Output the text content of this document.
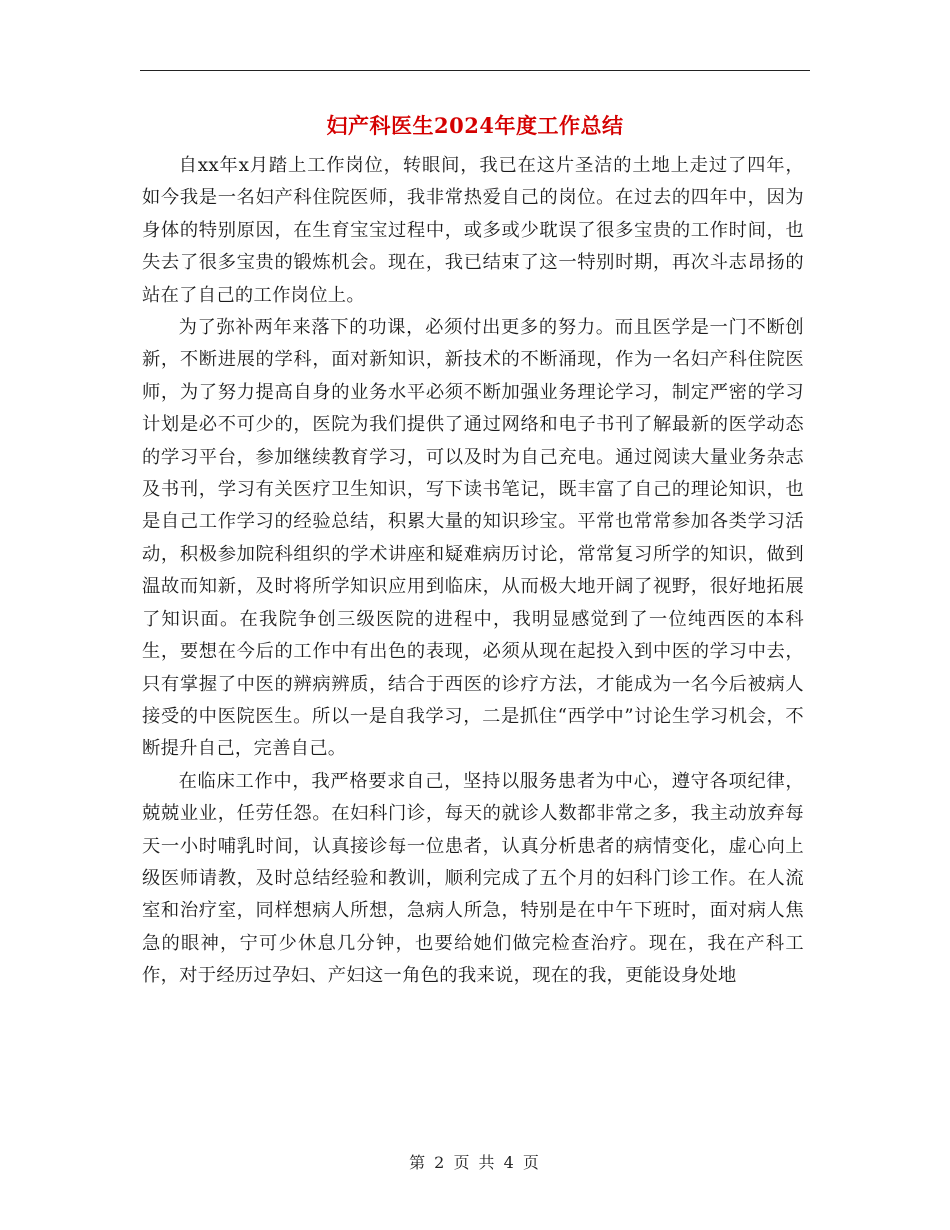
妇产科医生2024年度工作总结

自xx年x月踏上工作岗位，转眼间，我已在这片圣洁的土地上走过了四年，如今我是一名妇产科住院医师，我非常热爱自己的岗位。在过去的四年中，因为身体的特别原因，在生育宝宝过程中，或多或少耽误了很多宝贵的工作时间，也失去了很多宝贵的锻炼机会。现在，我已结束了这一特别时期，再次斗志昂扬的站在了自己的工作岗位上。

为了弥补两年来落下的功课，必须付出更多的努力。而且医学是一门不断创新，不断进展的学科，面对新知识，新技术的不断涌现，作为一名妇产科住院医师，为了努力提高自身的业务水平必须不断加强业务理论学习，制定严密的学习计划是必不可少的，医院为我们提供了通过网络和电子书刊了解最新的医学动态的学习平台，参加继续教育学习，可以及时为自己充电。通过阅读大量业务杂志及书刊，学习有关医疗卫生知识，写下读书笔记，既丰富了自己的理论知识，也是自己工作学习的经验总结，积累大量的知识珍宝。平常也常常参加各类学习活动，积极参加院科组织的学术讲座和疑难病历讨论，常常复习所学的知识，做到温故而知新，及时将所学知识应用到临床，从而极大地开阔了视野，很好地拓展了知识面。在我院争创三级医院的进程中，我明显感觉到了一位纯西医的本科生，要想在今后的工作中有出色的表现，必须从现在起投入到中医的学习中去，只有掌握了中医的辨病辨质，结合于西医的诊疗方法，才能成为一名今后被病人接受的中医院医生。所以一是自我学习，二是抓住“西学中”讨论生学习机会，不断提升自己，完善自己。

在临床工作中，我严格要求自己，坚持以服务患者为中心，遵守各项纪律，兢兢业业，任劳任怨。在妇科门诊，每天的就诊人数都非常之多，我主动放弃每天一小时哺乳时间，认真接诊每一位患者，认真分析患者的病情变化，虚心向上级医师请教，及时总结经验和教训，顺利完成了五个月的妇科门诊工作。在人流室和治疗室，同样想病人所想，急病人所急，特别是在中午下班时，面对病人焦急的眼神，宁可少休息几分钟，也要给她们做完检查治疗。现在，我在产科工作，对于经历过孕妇、产妇这一角色的我来说，现在的我，更能设身处地

第 2 页 共 4 页
